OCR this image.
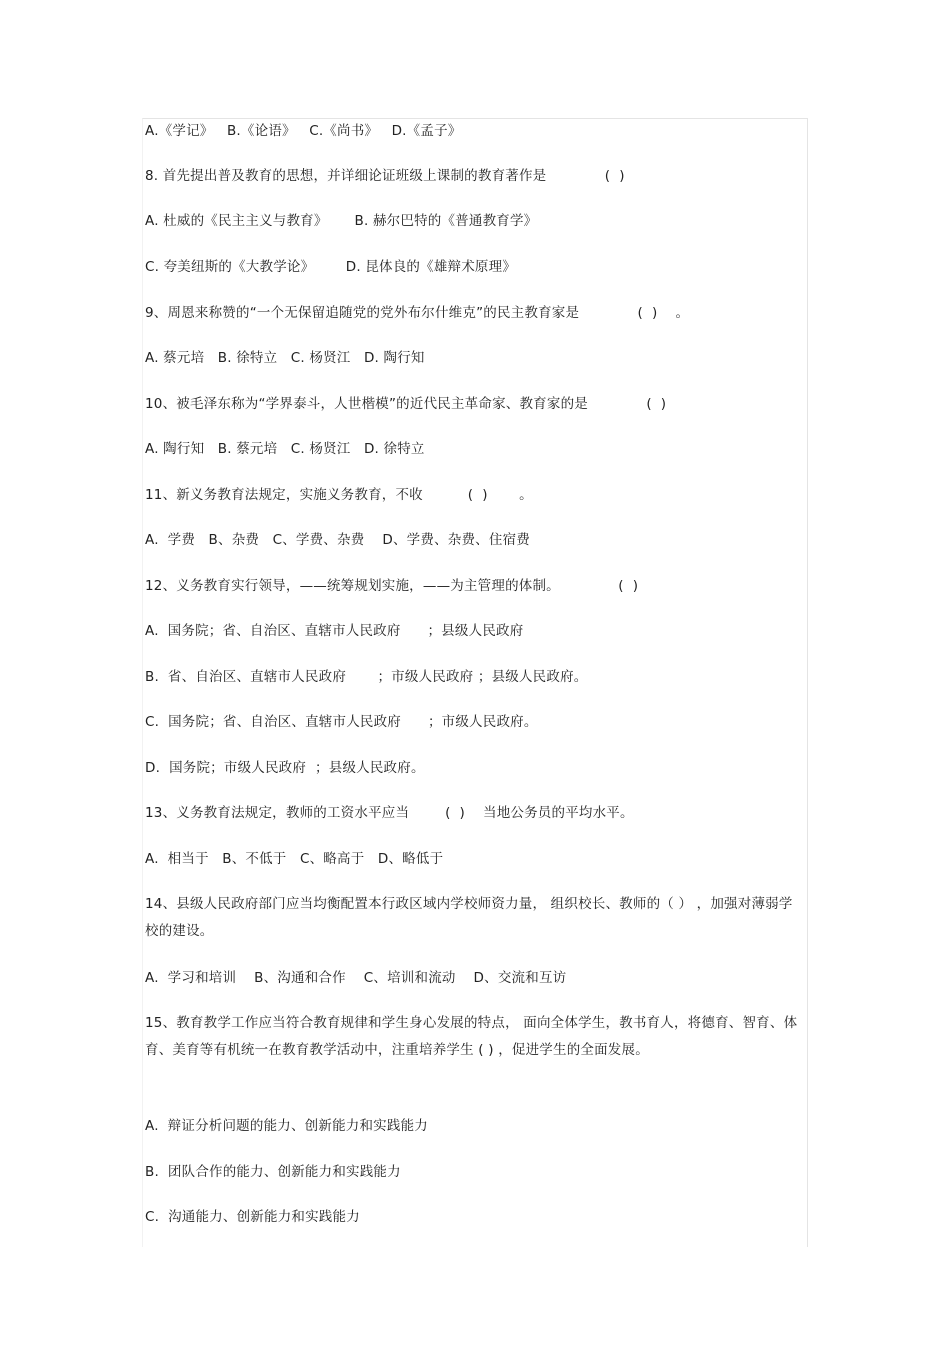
A.《学记》   B.《论语》   C.《尚书》   D.《孟子》
8. 首先提出普及教育的思想，并详细论证班级上课制的教育著作是             (  )
A. 杜威的《民主主义与教育》      B. 赫尔巴特的《普通教育学》
C. 夸美纽斯的《大教学论》       D. 昆体良的《雄辩术原理》
9、周恩来称赞的“一个无保留追随党的党外布尔什维克”的民主教育家是             (  )    。
A. 蔡元培   B. 徐特立   C. 杨贤江   D. 陶行知
10、被毛泽东称为“学界泰斗，人世楷模”的近代民主革命家、教育家的是             (  )
A. 陶行知   B. 蔡元培   C. 杨贤江   D. 徐特立
11、新义务教育法规定，实施义务教育，不收          (  )       。
A.  学费   B、杂费   C、学费、杂费    D、学费、杂费、住宿费
12、义务教育实行领导，——统筹规划实施，——为主管理的体制。             (  )
A.  国务院；省、自治区、直辖市人民政府      ；县级人民政府
B.  省、自治区、直辖市人民政府       ；市级人民政府 ；县级人民政府。
C.  国务院；省、自治区、直辖市人民政府      ；市级人民政府。
D.  国务院；市级人民政府  ；县级人民政府。
13、义务教育法规定，教师的工资水平应当        (  )    当地公务员的平均水平。
A.  相当于   B、不低于   C、略高于   D、略低于
14、县级人民政府部门应当均衡配置本行政区域内学校师资力量， 组织校长、教师的（ ） ，加强对薄弱学校的建设。
A.  学习和培训    B、沟通和合作    C、培训和流动    D、交流和互访
15、教育教学工作应当符合教育规律和学生身心发展的特点， 面向全体学生，教书育人，将德育、智育、体育、美育等有机统一在教育教学活动中，注重培养学生 ( ) ，促进学生的全面发展。
A.  辩证分析问题的能力、创新能力和实践能力
B.  团队合作的能力、创新能力和实践能力
C.  沟通能力、创新能力和实践能力
